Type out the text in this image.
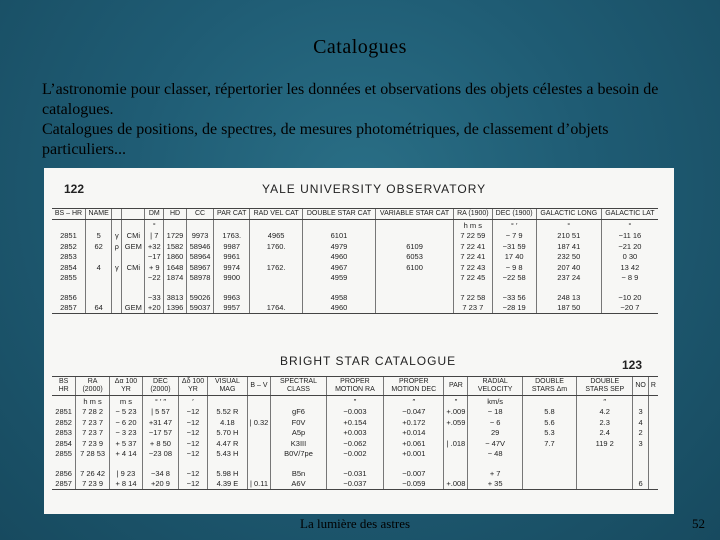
Catalogues

L’astronomie pour classer, répertorier les données et observations des objets célestes a besoin de catalogues.

Catalogues de positions, de spectres, de mesures photométriques, de classement d’objets particuliers...

122	YALE UNIVERSITY OBSERVATORY
BS – HR	NAME			DM	HD	CC	PAR CAT	RAD VEL CAT	DOUBLE STAR CAT	VARIABLE STAR CAT	RA (1900)	DEC (1900)	GALACTIC LONG	GALACTIC LAT
				°							h m s	° ′	°	°
2851	5	γ	CMi	| 7	1729	9973	1763.	4965	6101		7 22 59	− 7 9	210 51	−11 16
2852	62	ρ	GEM	+32	1582	58946	9987	1760.	4979	6109	7 22 41	−31 59	187 41	−21 20
2853				−17	1860	58964	9961		4960	6053	7 22 41	17 40	232 50	0 30
2854	4	γ	CMi	+ 9	1648	58967	9974	1762.	4967	6100	7 22 43	− 9 8	207 40	13 42
2855				−22	1874	58978	9900		4959		7 22 45	−22 58	237 24	− 8 9

2856				−33	3813	59026	9963		4958		7 22 58	−33 56	248 13	−10 20
2857	64		GEM	+20	1396	59037	9957	1764.	4960		7 23 7	−28 19	187 50	−20 7
BRIGHT STAR CATALOGUE	123
BS HR	RA (2000)	Δα 100 YR	DEC (2000)	Δδ 100 YR	VISUAL MAG	B – V	SPECTRAL CLASS	PROPER MOTION RA	PROPER MOTION DEC	PAR	RADIAL VELOCITY	DOUBLE STARS Δm	DOUBLE STARS SEP	NO	R
	h m s	m s	° ′ ″	′				″	″	″	km/s		″		
2851	7 28 2	− 5 23	| 5 57	−12	5.52 R		gF6	−0.003	−0.047	+.009	− 18	5.8	4.2	3	
2852	7 23 7	− 6 20	+31 47	−12	4.18	| 0.32	F0V	+0.154	+0.172	+.059	− 6	5.6	2.3	4	
2853	7 23 7	− 3 23	−17 57	−12	5.70 H		A5p	+0.003	+0.014		29	5.3	2.4	2	
2854	7 23 9	+ 5 37	+ 8 50	−12	4.47 R		K3III	−0.062	+0.061	| .018	− 47V	7.7	119 2	3	
2855	7 28 53	+ 4 14	−23 08	−12	5.43 H		B0V/7pe	−0.002	+0.001		− 48				

2856	7 26 42	| 9 23	−34 8	−12	5.98 H		B5n	−0.031	−0.007		+ 7				
2857	7 23 9	+ 8 14	+20 9	−12	4.39 E	| 0.11	A6V	−0.037	−0.059	+.008	+ 35			6	
La lumière des astres	52
